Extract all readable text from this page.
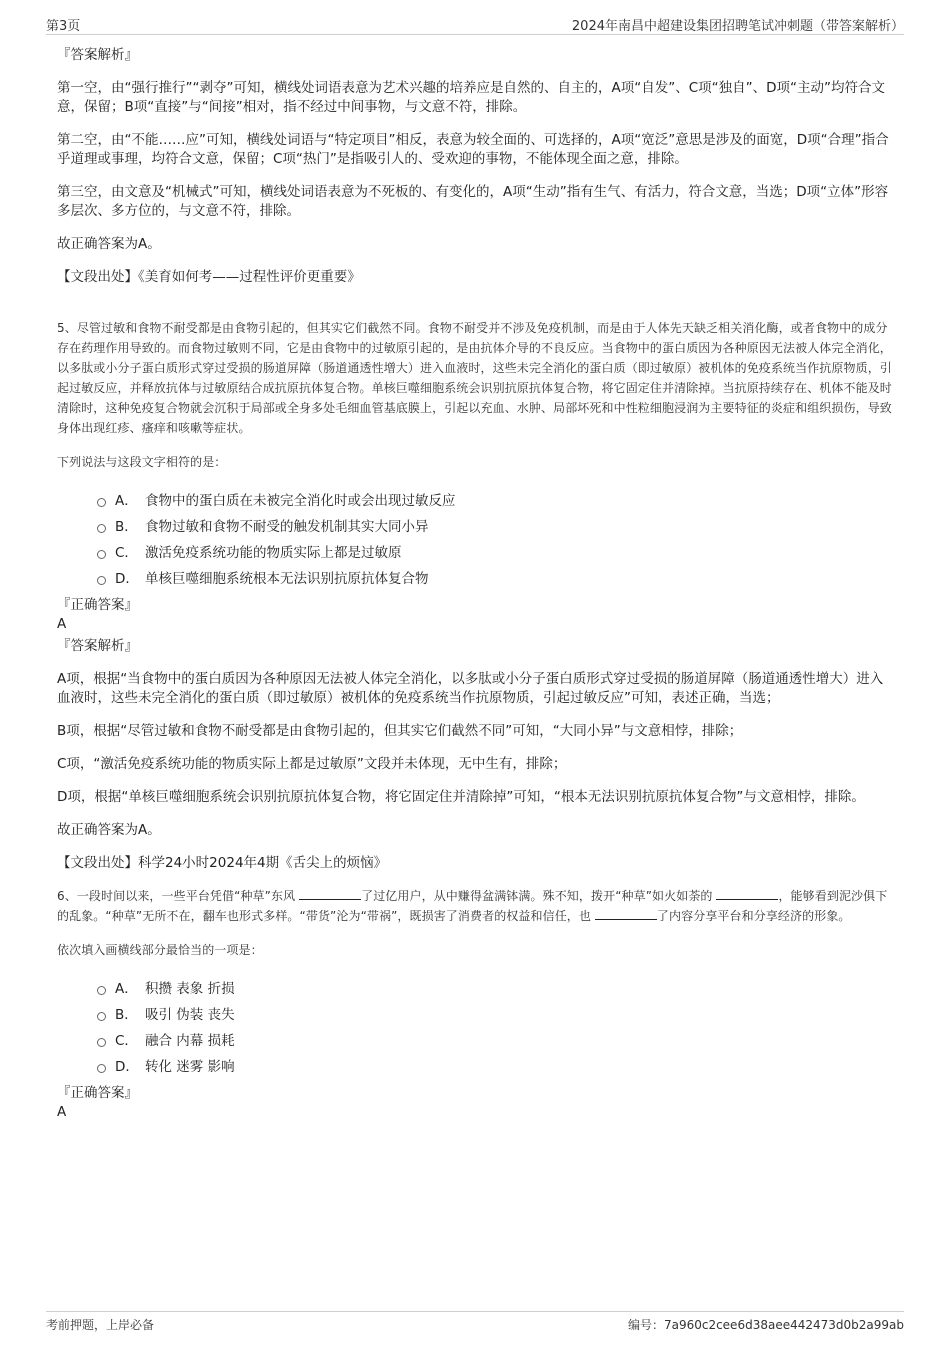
第3页	2024年南昌中超建设集团招聘笔试冲刺题（带答案解析）

『答案解析』

第一空，由“强行推行”“剥夺”可知，横线处词语表意为艺术兴趣的培养应是自然的、自主的，A项“自发”、C项“独自”、D项“主动”均符合文意，保留；B项“直接”与“间接”相对，指不经过中间事物，与文意不符，排除。

第二空，由“不能……应”可知，横线处词语与“特定项目”相反，表意为较全面的、可选择的，A项“宽泛”意思是涉及的面宽，D项“合理”指合乎道理或事理，均符合文意，保留；C项“热门”是指吸引人的、受欢迎的事物，不能体现全面之意，排除。

第三空，由文意及“机械式”可知，横线处词语表意为不死板的、有变化的，A项“生动”指有生气、有活力，符合文意，当选；D项“立体”形容多层次、多方位的，与文意不符，排除。

故正确答案为A。

【文段出处】《美育如何考——过程性评价更重要》

5、尽管过敏和食物不耐受都是由食物引起的，但其实它们截然不同。食物不耐受并不涉及免疫机制，而是由于人体先天缺乏相关消化酶，或者食物中的成分存在药理作用导致的。而食物过敏则不同，它是由食物中的过敏原引起的，是由抗体介导的不良反应。当食物中的蛋白质因为各种原因无法被人体完全消化，以多肽或小分子蛋白质形式穿过受损的肠道屏障（肠道通透性增大）进入血液时，这些未完全消化的蛋白质（即过敏原）被机体的免疫系统当作抗原物质，引起过敏反应，并释放抗体与过敏原结合成抗原抗体复合物。单核巨噬细胞系统会识别抗原抗体复合物，将它固定住并清除掉。当抗原持续存在、机体不能及时清除时，这种免疫复合物就会沉积于局部或全身多处毛细血管基底膜上，引起以充血、水肿、局部坏死和中性粒细胞浸润为主要特征的炎症和组织损伤，导致身体出现红疹、瘙痒和咳嗽等症状。

下列说法与这段文字相符的是：

A． 食物中的蛋白质在未被完全消化时或会出现过敏反应
B． 食物过敏和食物不耐受的触发机制其实大同小异
C． 激活免疫系统功能的物质实际上都是过敏原
D． 单核巨噬细胞系统根本无法识别抗原抗体复合物

『正确答案』

A

『答案解析』

A项，根据“当食物中的蛋白质因为各种原因无法被人体完全消化，以多肽或小分子蛋白质形式穿过受损的肠道屏障（肠道通透性增大）进入血液时，这些未完全消化的蛋白质（即过敏原）被机体的免疫系统当作抗原物质，引起过敏反应”可知，表述正确，当选；

B项，根据“尽管过敏和食物不耐受都是由食物引起的，但其实它们截然不同”可知，“大同小异”与文意相悖，排除；

C项，“激活免疫系统功能的物质实际上都是过敏原”文段并未体现，无中生有，排除；

D项，根据“单核巨噬细胞系统会识别抗原抗体复合物，将它固定住并清除掉”可知，“根本无法识别抗原抗体复合物”与文意相悖，排除。

故正确答案为A。

【文段出处】科学24小时2024年4期《舌尖上的烦恼》

6、一段时间以来，一些平台凭借“种草”东风	了过亿用户，从中赚得盆满钵满。殊不知，拨开“种草”如火如荼的	，能够看到泥沙俱下的乱象。“种草”无所不在，翻车也形式多样。“带货”沦为“带祸”，既损害了消费者的权益和信任，也	了内容分享平台和分享经济的形象。

依次填入画横线部分最恰当的一项是：

A． 积攒 表象 折损
B． 吸引 伪装 丧失
C． 融合 内幕 损耗
D． 转化 迷雾 影响

『正确答案』

A

考前押题，上岸必备	编号：7a960c2cee6d38aee442473d0b2a99ab
